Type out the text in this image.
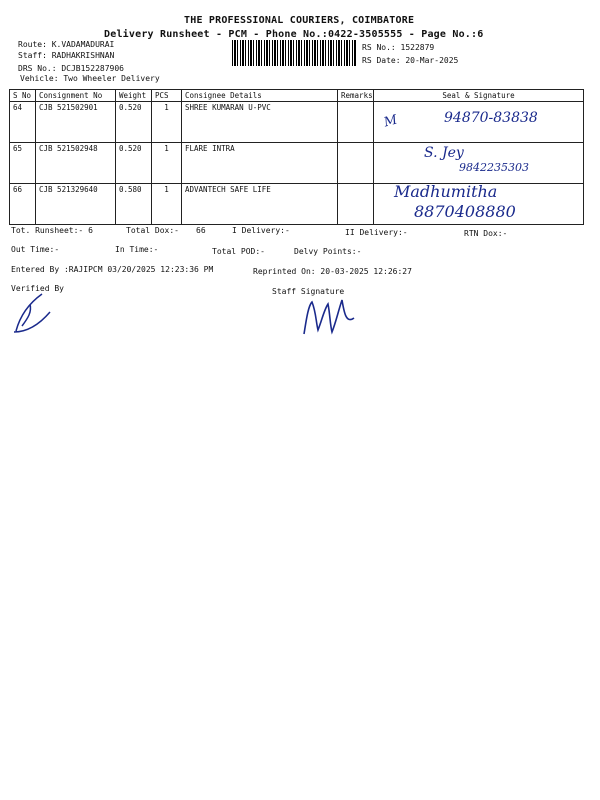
THE PROFESSIONAL COURIERS, COIMBATORE
Delivery Runsheet - PCM - Phone No.:0422-3505555 - Page No.:6
Route: K.VADAMADURAI
Staff: RADHAKRISHNAN
DRS No.: DCJB152287906
Vehicle: Two Wheeler Delivery
RS No.: 1522879
RS Date: 20-Mar-2025
S No	Consignment No	Weight	PCS	Consignee Details	Remarks	Seal & Signature
64	CJB 521502901	0.520	1	SHREE KUMARAN U-PVC		M 94870-83838

65	CJB 521502948	0.520	1	FLARE INTRA		S. Jey
9842235303

66	CJB 521329640	0.580	1	ADVANTECH SAFE LIFE		Madhumitha
8870408880
Tot. Runsheet:- 6	Total Dox:- 66	I Delivery:-	II Delivery:-	RTN Dox:-
Out Time:-	In Time:-	Total POD:-	Delvy Points:-
Entered By :RAJIPCM 03/20/2025 12:23:36 PM	Reprinted On: 20-03-2025 12:26:27
Verified By	Staff Signature
